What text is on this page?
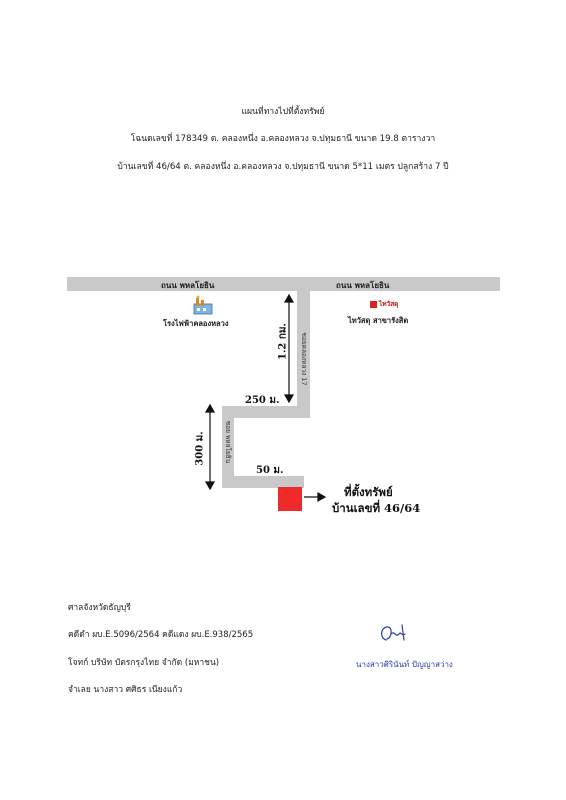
แผนที่ทางไปที่ตั้งทรัพย์
โฉนดเลขที่ 178349 ต. คลองหนึ่ง อ.คลองหลวง จ.ปทุมธานี ขนาด 19.8 ตารางวา
บ้านเลขที่ 46/64 ต. คลองหนึ่ง อ.คลองหลวง จ.ปทุมธานี ขนาด 5*11 เมตร ปลูกสร้าง 7 ปี
ถนน พหลโยธิน	ถนน พหลโยธิน
ซอยคลองหลวง 17
ซอย พหลโยธิน
1.2 กม.
250 ม.
300 ม.
50 ม.
โรงไฟฟ้าคลองหลวง
ไทวัสดุ
ไทวัสดุ สาขารังสิต
ที่ตั้งทรัพย์
บ้านเลขที่ 46/64
ศาลจังหวัดธัญบุรี
คดีดำ ผบ.E.5096/2564 คดีแดง ผบ.E.938/2565
โจทก์ บริษัท บัตรกรุงไทย จำกัด (มหาชน)
จำเลย นางสาว ศศิธร เนียงแก้ว
นางสาวศิรินันท์ ปัญญาสว่าง
